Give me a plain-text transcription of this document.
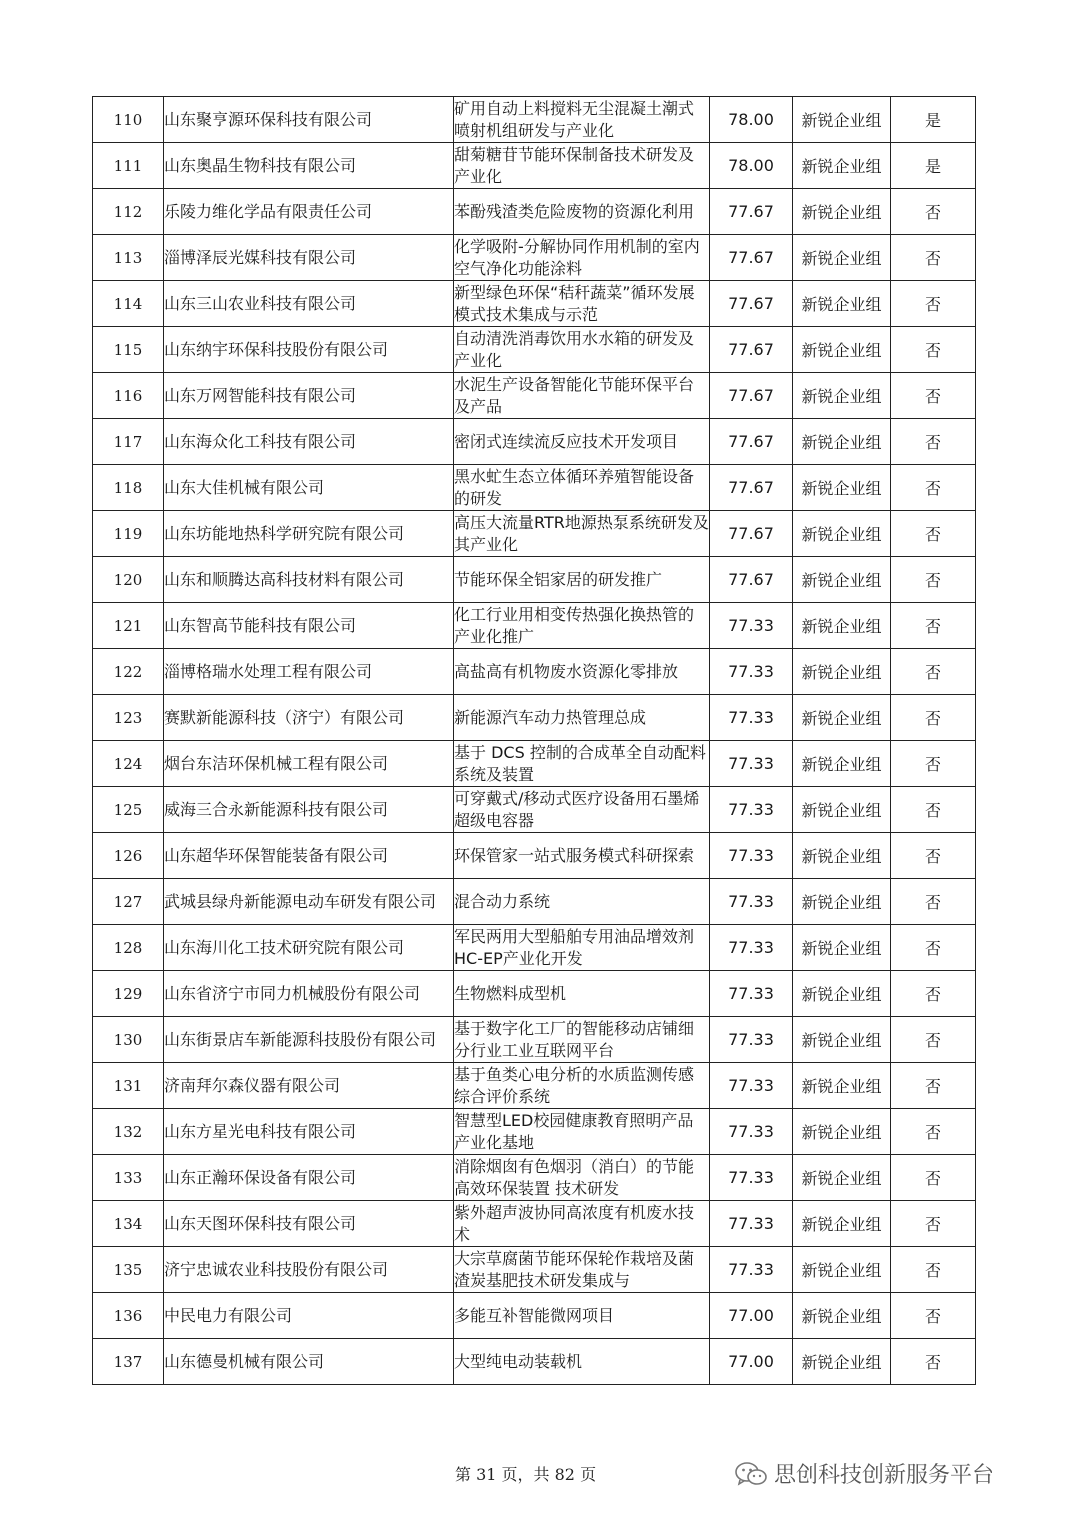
110	山东聚亨源环保科技有限公司	矿用自动上料搅料无尘混凝土潮式喷射机组研发与产业化	78.00	新锐企业组	是
111	山东奥晶生物科技有限公司	甜菊糖苷节能环保制备技术研发及产业化	78.00	新锐企业组	是
112	乐陵力维化学品有限责任公司	苯酚残渣类危险废物的资源化利用	77.67	新锐企业组	否
113	淄博泽辰光媒科技有限公司	化学吸附-分解协同作用机制的室内空气净化功能涂料	77.67	新锐企业组	否
114	山东三山农业科技有限公司	新型绿色环保“秸秆蔬菜”循环发展模式技术集成与示范	77.67	新锐企业组	否
115	山东纳宇环保科技股份有限公司	自动清洗消毒饮用水水箱的研发及产业化	77.67	新锐企业组	否
116	山东万网智能科技有限公司	水泥生产设备智能化节能环保平台及产品	77.67	新锐企业组	否
117	山东海众化工科技有限公司	密闭式连续流反应技术开发项目	77.67	新锐企业组	否
118	山东大佳机械有限公司	黑水虻生态立体循环养殖智能设备的研发	77.67	新锐企业组	否
119	山东坊能地热科学研究院有限公司	高压大流量RTR地源热泵系统研发及其产业化	77.67	新锐企业组	否
120	山东和顺腾达高科技材料有限公司	节能环保全铝家居的研发推广	77.67	新锐企业组	否
121	山东智高节能科技有限公司	化工行业用相变传热强化换热管的产业化推广	77.33	新锐企业组	否
122	淄博格瑞水处理工程有限公司	高盐高有机物废水资源化零排放	77.33	新锐企业组	否
123	赛默新能源科技（济宁）有限公司	新能源汽车动力热管理总成	77.33	新锐企业组	否
124	烟台东洁环保机械工程有限公司	基于 DCS 控制的合成革全自动配料系统及装置	77.33	新锐企业组	否
125	威海三合永新能源科技有限公司	可穿戴式/移动式医疗设备用石墨烯超级电容器	77.33	新锐企业组	否
126	山东超华环保智能装备有限公司	环保管家一站式服务模式科研探索	77.33	新锐企业组	否
127	武城县绿舟新能源电动车研发有限公司	混合动力系统	77.33	新锐企业组	否
128	山东海川化工技术研究院有限公司	军民两用大型船舶专用油品增效剂HC-EP产业化开发	77.33	新锐企业组	否
129	山东省济宁市同力机械股份有限公司	生物燃料成型机	77.33	新锐企业组	否
130	山东街景店车新能源科技股份有限公司	基于数字化工厂的智能移动店铺细分行业工业互联网平台	77.33	新锐企业组	否
131	济南拜尔森仪器有限公司	基于鱼类心电分析的水质监测传感综合评价系统	77.33	新锐企业组	否
132	山东方星光电科技有限公司	智慧型LED校园健康教育照明产品产业化基地	77.33	新锐企业组	否
133	山东正瀚环保设备有限公司	消除烟囱有色烟羽（消白）的节能高效环保装置 技术研发	77.33	新锐企业组	否
134	山东天图环保科技有限公司	紫外超声波协同高浓度有机废水技术	77.33	新锐企业组	否
135	济宁忠诚农业科技股份有限公司	大宗草腐菌节能环保轮作栽培及菌渣炭基肥技术研发集成与	77.33	新锐企业组	否
136	中民电力有限公司	多能互补智能微网项目	77.00	新锐企业组	否
137	山东德曼机械有限公司	大型纯电动装载机	77.00	新锐企业组	否
第 31 页，共 82 页	思创科技创新服务平台
